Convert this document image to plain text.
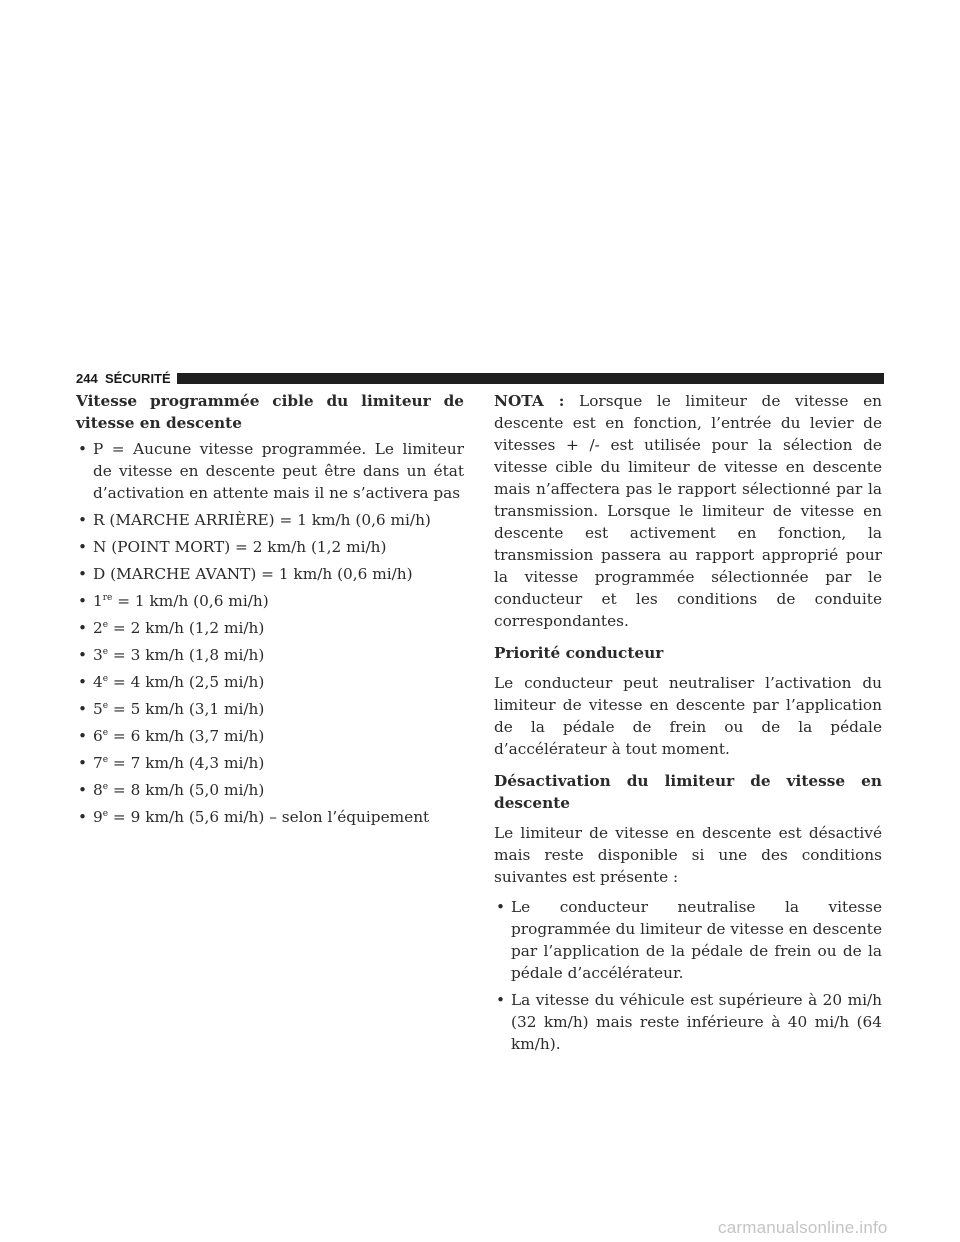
244 SÉCURITÉ

Vitesse programmée cible du limiteur de vitesse en descente

• P = Aucune vitesse programmée. Le limiteur de vitesse en descente peut être dans un état d’activation en attente mais il ne s’activera pas
• R (MARCHE ARRIÈRE) = 1 km/h (0,6 mi/h)
• N (POINT MORT) = 2 km/h (1,2 mi/h)
• D (MARCHE AVANT) = 1 km/h (0,6 mi/h)
• 1re = 1 km/h (0,6 mi/h)
• $2^e = 2$ km/h (1,2 mi/h)
• $3^e = 3$ km/h (1,8 mi/h)
• $4^e = 4$ km/h (2,5 mi/h)
• $5^e = 5$ km/h (3,1 mi/h)
• $6^e = 6$ km/h (3,7 mi/h)
• $7^e = 7$ km/h (4,3 mi/h)
• $8^e = 8$ km/h (5,0 mi/h)
• $9^e = 9$ km/h (5,6 mi/h) – selon l’équipement

NOTA : Lorsque le limiteur de vitesse en descente est en fonction, l’entrée du levier de vitesses + /- est utilisée pour la sélection de vitesse cible du limiteur de vitesse en descente mais n’affectera pas le rapport sélectionné par la transmission. Lorsque le limiteur de vitesse en descente est activement en fonction, la transmission passera au rapport approprié pour la vitesse programmée sélectionnée par le conducteur et les conditions de conduite correspondantes.

Priorité conducteur

Le conducteur peut neutraliser l’activation du limiteur de vitesse en descente par l’application de la pédale de frein ou de la pédale d’accélérateur à tout moment.

Désactivation du limiteur de vitesse en descente

Le limiteur de vitesse en descente est désactivé mais reste disponible si une des conditions suivantes est présente :

• Le conducteur neutralise la vitesse programmée du limiteur de vitesse en descente par l’application de la pédale de frein ou de la pédale d’accélérateur.
• La vitesse du véhicule est supérieure à 20 mi/h (32 km/h) mais reste inférieure à 40 mi/h (64 km/h).
carmanualsonline.info
